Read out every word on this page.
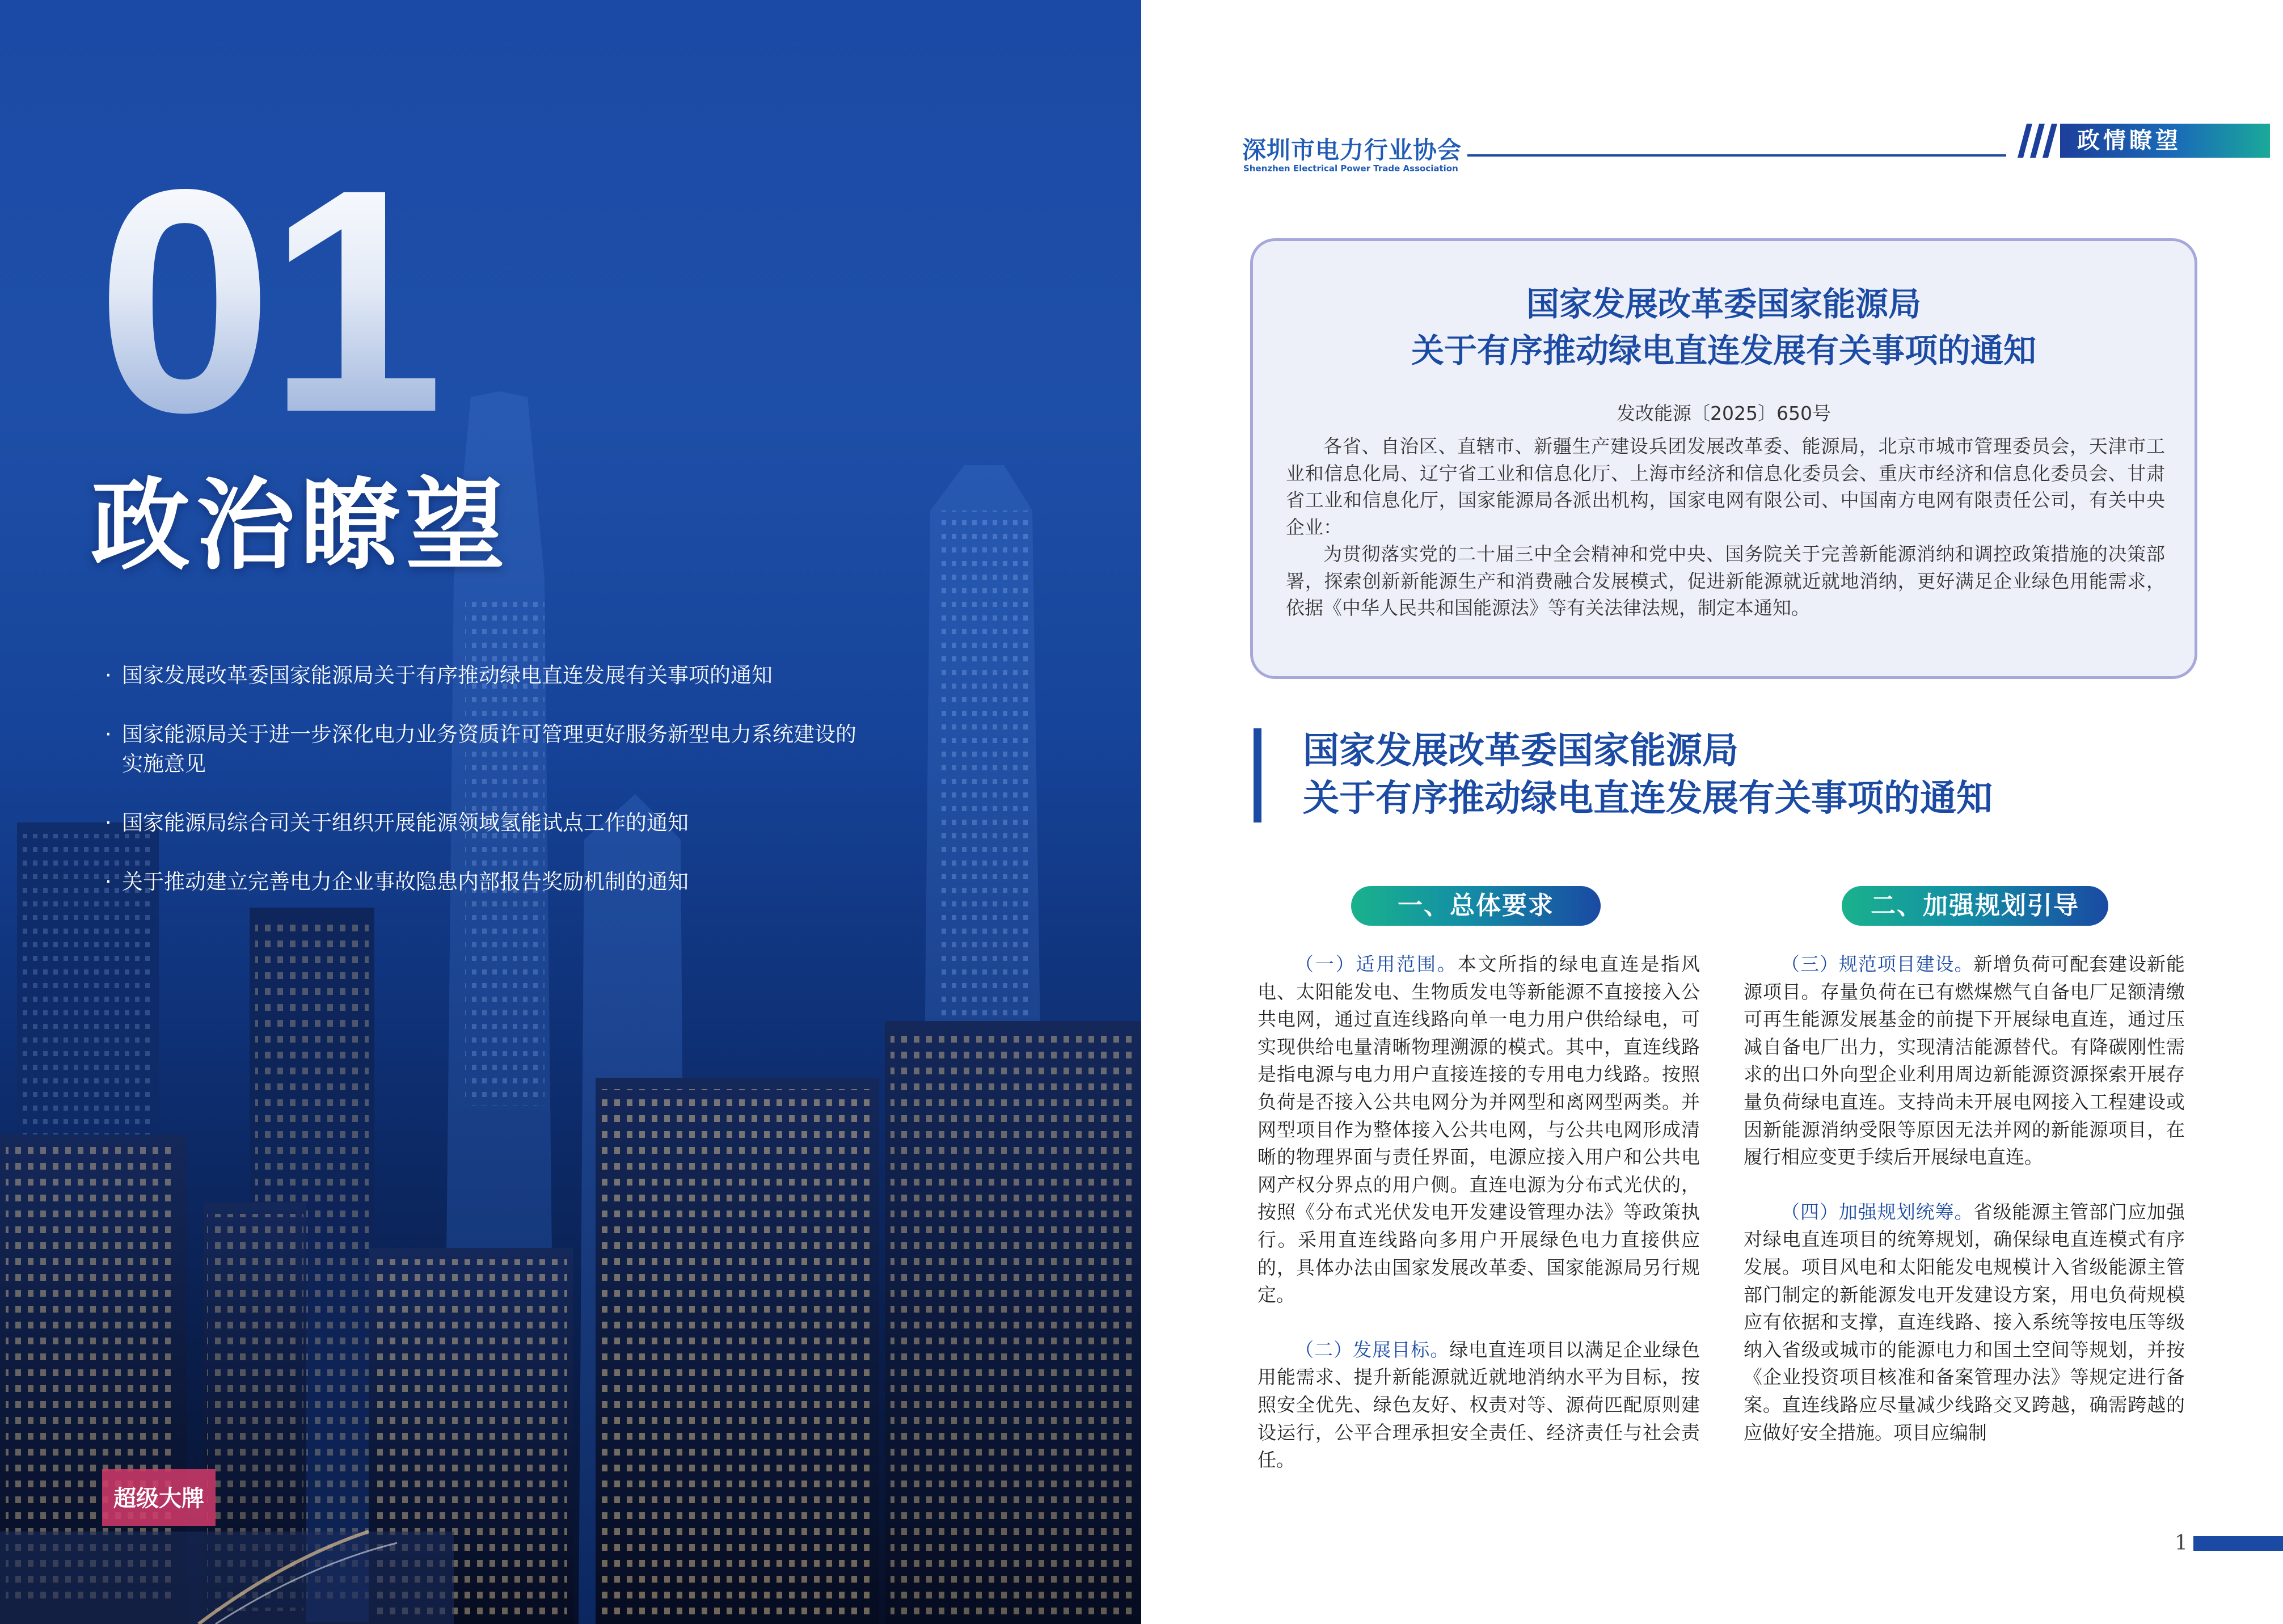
超级大牌
01
政治瞭望
· 国家发展改革委国家能源局关于有序推动绿电直连发展有关事项的通知
· 国家能源局关于进一步深化电力业务资质许可管理更好服务新型电力系统建设的实施意见
· 国家能源局综合司关于组织开展能源领域氢能试点工作的通知
· 关于推动建立完善电力企业事故隐患内部报告奖励机制的通知
深圳市电力行业协会
Shenzhen Electrical Power Trade Association
政情瞭望
国家发展改革委国家能源局
关于有序推动绿电直连发展有关事项的通知
发改能源〔2025〕650号

各省、自治区、直辖市、新疆生产建设兵团发展改革委、能源局，北京市城市管理委员会，天津市工业和信息化局、辽宁省工业和信息化厅、上海市经济和信息化委员会、重庆市经济和信息化委员会、甘肃省工业和信息化厅，国家能源局各派出机构，国家电网有限公司、中国南方电网有限责任公司，有关中央企业：

为贯彻落实党的二十届三中全会精神和党中央、国务院关于完善新能源消纳和调控政策措施的决策部署，探索创新新能源生产和消费融合发展模式，促进新能源就近就地消纳，更好满足企业绿色用能需求，依据《中华人民共和国能源法》等有关法律法规，制定本通知。

国家发展改革委国家能源局
关于有序推动绿电直连发展有关事项的通知
一、总体要求	二、加强规划引导

（一）适用范围。本文所指的绿电直连是指风电、太阳能发电、生物质发电等新能源不直接接入公共电网，通过直连线路向单一电力用户供给绿电，可实现供给电量清晰物理溯源的模式。其中，直连线路是指电源与电力用户直接连接的专用电力线路。按照负荷是否接入公共电网分为并网型和离网型两类。并网型项目作为整体接入公共电网，与公共电网形成清晰的物理界面与责任界面，电源应接入用户和公共电网产权分界点的用户侧。直连电源为分布式光伏的，按照《分布式光伏发电开发建设管理办法》等政策执行。采用直连线路向多用户开展绿色电力直接供应的，具体办法由国家发展改革委、国家能源局另行规定。

（二）发展目标。绿电直连项目以满足企业绿色用能需求、提升新能源就近就地消纳水平为目标，按照安全优先、绿色友好、权责对等、源荷匹配原则建设运行，公平合理承担安全责任、经济责任与社会责任。

（三）规范项目建设。新增负荷可配套建设新能源项目。存量负荷在已有燃煤燃气自备电厂足额清缴可再生能源发展基金的前提下开展绿电直连，通过压减自备电厂出力，实现清洁能源替代。有降碳刚性需求的出口外向型企业利用周边新能源资源探索开展存量负荷绿电直连。支持尚未开展电网接入工程建设或因新能源消纳受限等原因无法并网的新能源项目，在履行相应变更手续后开展绿电直连。

（四）加强规划统筹。省级能源主管部门应加强对绿电直连项目的统筹规划，确保绿电直连模式有序发展。项目风电和太阳能发电规模计入省级能源主管部门制定的新能源发电开发建设方案，用电负荷规模应有依据和支撑，直连线路、接入系统等按电压等级纳入省级或城市的能源电力和国土空间等规划，并按《企业投资项目核准和备案管理办法》等规定进行备案。直连线路应尽量减少线路交叉跨越，确需跨越的应做好安全措施。项目应编制

1
